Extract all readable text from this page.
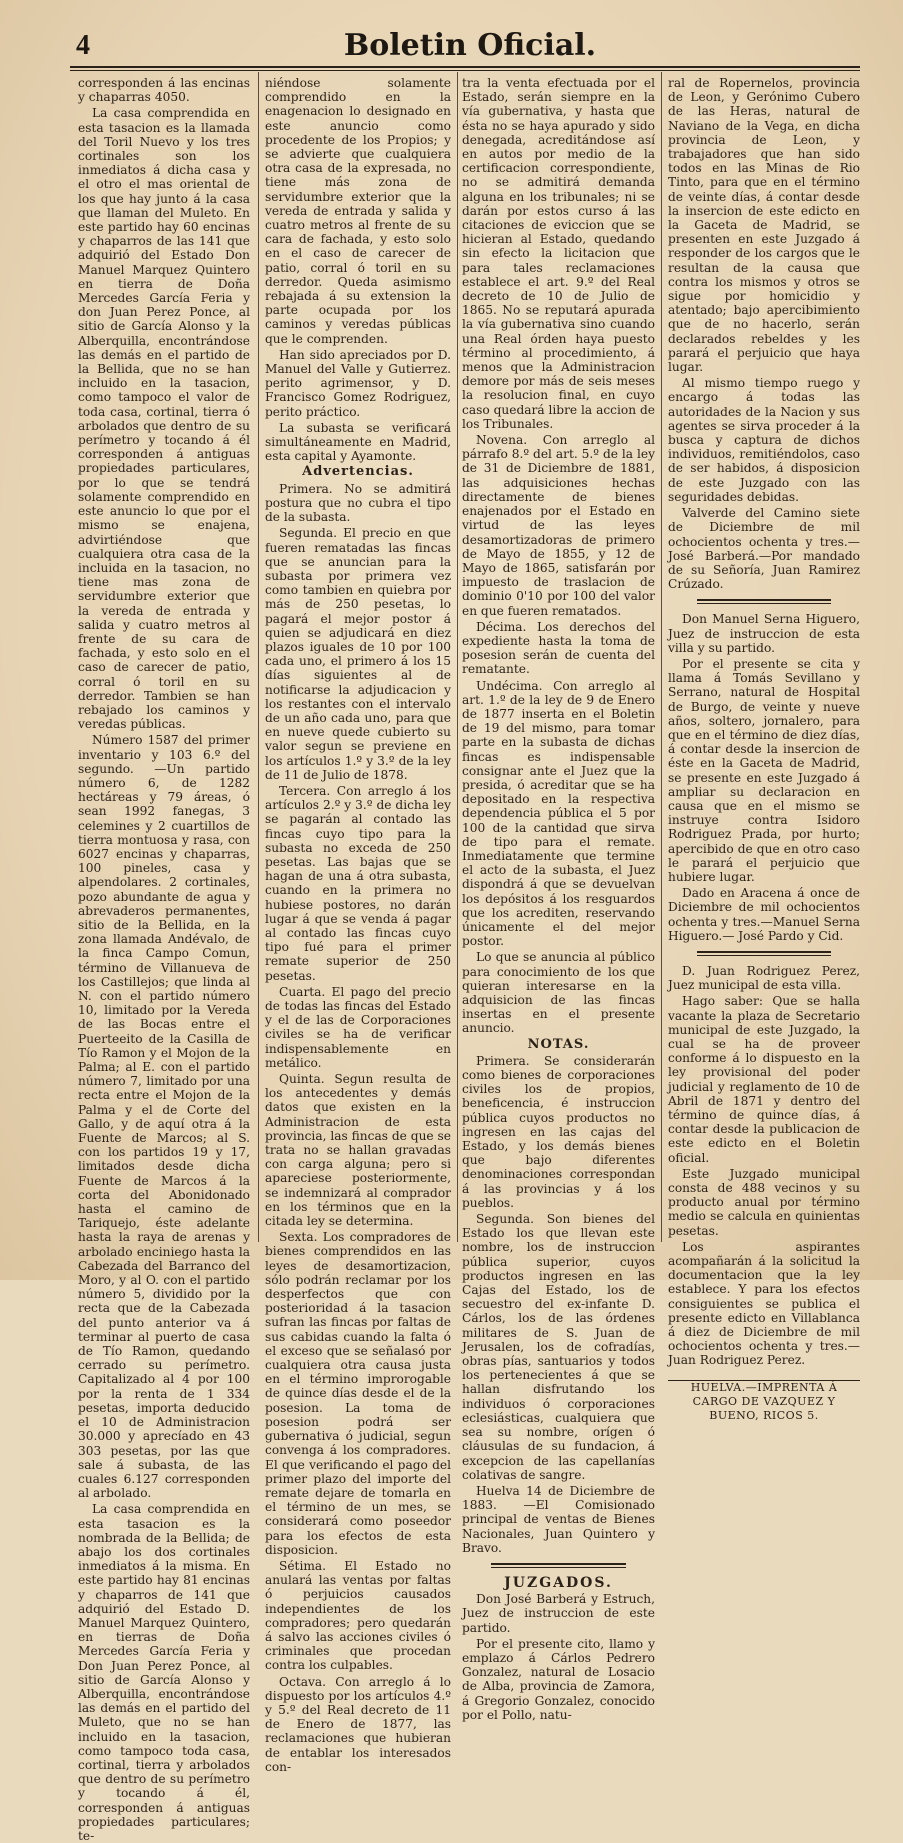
4	Boletin Oficial.

corresponden á las encinas y chaparras 4050.

La casa comprendida en esta tasacion es la llamada del Toril Nuevo y los tres cortinales son los inmediatos á dicha casa y el otro el mas oriental de los que hay junto á la casa que llaman del Muleto. En este partido hay 60 encinas y chaparros de las 141 que adquirió del Estado Don Manuel Marquez Quintero en tierra de Doña Mercedes García Feria y don Juan Perez Ponce, al sitio de García Alonso y la Alberquilla, encontrándose las demás en el partido de la Bellida, que no se han incluido en la tasacion, como tampoco el valor de toda casa, cortinal, tierra ó arbolados que dentro de su perímetro y tocando á él corresponden á antiguas propiedades particulares, por lo que se tendrá solamente comprendido en este anuncio lo que por el mismo se enajena, advirtiéndose que cualquiera otra casa de la incluida en la tasacion, no tiene mas zona de servidumbre exterior que la vereda de entrada y salida y cuatro metros al frente de su cara de fachada, y esto solo en el caso de carecer de patio, corral ó toril en su derredor. Tambien se han rebajado los caminos y veredas públicas.

Número 1587 del primer inventario y 103 6.º del segundo. —Un partido número 6, de 1282 hectáreas y 79 áreas, ó sean 1992 fanegas, 3 celemines y 2 cuartillos de tierra montuosa y rasa, con 6027 encinas y chaparras, 100 pineles, casa y alpendolares. 2 cortinales, pozo abundante de agua y abrevaderos permanentes, sitio de la Bellida, en la zona llamada Andévalo, de la finca Campo Comun, término de Villanueva de los Castillejos; que linda al N. con el partido número 10, limitado por la Vereda de las Bocas entre el Puerteeito de la Casilla de Tío Ramon y el Mojon de la Palma; al E. con el partido número 7, limitado por una recta entre el Mojon de la Palma y el de Corte del Gallo, y de aquí otra á la Fuente de Marcos; al S. con los partidos 19 y 17, limitados desde dicha Fuente de Marcos á la corta del Abonidonado hasta el camino de Tariquejo, éste adelante hasta la raya de arenas y arbolado enciniego hasta la Cabezada del Barranco del Moro, y al O. con el partido número 5, dividido por la recta que de la Cabezada del punto anterior va á terminar al puerto de casa de Tío Ramon, quedando cerrado su perímetro. Capitalizado al 4 por 100 por la renta de 1 334 pesetas, importa deducido el 10 de Administracion 30.000 y aprecíado en 43 303 pesetas, por las que sale á subasta, de las cuales 6.127 corresponden al arbolado.

La casa comprendida en esta tasacion es la nombrada de la Bellida; de abajo los dos cortinales inmediatos á la misma. En este partido hay 81 encinas y chaparros de 141 que adquirió del Estado D. Manuel Marquez Quintero, en tierras de Doña Mercedes García Feria y Don Juan Perez Ponce, al sitio de García Alonso y Alberquilla, encontrándose las demás en el partido del Muleto, que no se han incluido en la tasacion, como tampoco toda casa, cortinal, tierra y arbolados que dentro de su perímetro y tocando á él, corresponden á antiguas propiedades particulares; te-

niéndose solamente comprendido en la enagenacion lo designado en este anuncio como procedente de los Propios; y se advierte que cualquiera otra casa de la expresada, no tiene más zona de servidumbre exterior que la vereda de entrada y salida y cuatro metros al frente de su cara de fachada, y esto solo en el caso de carecer de patio, corral ó toril en su derredor. Queda asimismo rebajada á su extension la parte ocupada por los caminos y veredas públicas que le comprenden.

Han sido apreciados por D. Manuel del Valle y Gutierrez. perito agrimensor, y D. Francisco Gomez Rodriguez, perito práctico.

La subasta se verificará simultáneamente en Madrid, esta capital y Ayamonte.

Advertencias.

Primera. No se admitirá postura que no cubra el tipo de la subasta.

Segunda. El precio en que fueren rematadas las fincas que se anuncian para la subasta por primera vez como tambien en quiebra por más de 250 pesetas, lo pagará el mejor postor á quien se adjudicará en diez plazos iguales de 10 por 100 cada uno, el primero á los 15 días siguientes al de notificarse la adjudicacion y los restantes con el intervalo de un año cada uno, para que en nueve quede cubierto su valor segun se previene en los artículos 1.º y 3.º de la ley de 11 de Julio de 1878.

Tercera. Con arreglo á los artículos 2.º y 3.º de dicha ley se pagarán al contado las fincas cuyo tipo para la subasta no exceda de 250 pesetas. Las bajas que se hagan de una á otra subasta, cuando en la primera no hubiese postores, no darán lugar á que se venda á pagar al contado las fincas cuyo tipo fué para el primer remate superior de 250 pesetas.

Cuarta. El pago del precio de todas las fincas del Estado y el de las de Corporaciones civiles se ha de verificar indispensablemente en metálico.

Quinta. Segun resulta de los antecedentes y demás datos que existen en la Administracion de esta provincia, las fincas de que se trata no se hallan gravadas con carga alguna; pero si apareciese posteriormente, se indemnizará al comprador en los términos que en la citada ley se determina.

Sexta. Los compradores de bienes comprendidos en las leyes de desamortizacion, sólo podrán reclamar por los desperfectos que con posterioridad á la tasacion sufran las fincas por faltas de sus cabidas cuando la falta ó el exceso que se señalasó por cualquiera otra causa justa en el término improrogable de quince días desde el de la posesion. La toma de posesion podrá ser gubernativa ó judicial, segun convenga á los compradores. El que verificando el pago del primer plazo del importe del remate dejare de tomarla en el término de un mes, se considerará como poseedor para los efectos de esta disposicion.

Sétima. El Estado no anulará las ventas por faltas ó perjuicios causados independientes de los compradores; pero quedarán á salvo las acciones civiles ó criminales que procedan contra los culpables.

Octava. Con arreglo á lo dispuesto por los artículos 4.º y 5.º del Real decreto de 11 de Enero de 1877, las reclamaciones que hubieran de entablar los interesados con-

tra la venta efectuada por el Estado, serán siempre en la vía gubernativa, y hasta que ésta no se haya apurado y sido denegada, acreditándose así en autos por medio de la certificacion correspondiente, no se admitirá demanda alguna en los tribunales; ni se darán por estos curso á las citaciones de eviccion que se hicieran al Estado, quedando sin efecto la licitacion que para tales reclamaciones establece el art. 9.º del Real decreto de 10 de Julio de 1865. No se reputará apurada la vía gubernativa sino cuando una Real órden haya puesto término al procedimiento, á menos que la Administracion demore por más de seis meses la resolucion final, en cuyo caso quedará libre la accion de los Tribunales.

Novena. Con arreglo al párrafo 8.º del art. 5.º de la ley de 31 de Diciembre de 1881, las adquisiciones hechas directamente de bienes enajenados por el Estado en virtud de las leyes desamortizadoras de primero de Mayo de 1855, y 12 de Mayo de 1865, satisfarán por impuesto de traslacion de dominio 0'10 por 100 del valor en que fueren rematados.

Décima. Los derechos del expediente hasta la toma de posesion serán de cuenta del rematante.

Undécima. Con arreglo al art. 1.º de la ley de 9 de Enero de 1877 inserta en el Boletin de 19 del mismo, para tomar parte en la subasta de dichas fincas es indispensable consignar ante el Juez que la presida, ó acreditar que se ha depositado en la respectiva dependencia pública el 5 por 100 de la cantidad que sirva de tipo para el remate. Inmediatamente que termine el acto de la subasta, el Juez dispondrá á que se devuelvan los depósitos á los resguardos que los acrediten, reservando únicamente el del mejor postor.

Lo que se anuncia al público para conocimiento de los que quieran interesarse en la adquisicion de las fincas insertas en el presente anuncio.

NOTAS.

Primera. Se considerarán como bienes de corporaciones civiles los de propios, beneficencia, é instruccion pública cuyos productos no ingresen en las cajas del Estado, y los demás bienes que bajo diferentes denominaciones correspondan á las provincias y á los pueblos.

Segunda. Son bienes del Estado los que llevan este nombre, los de instruccion pública superior, cuyos productos ingresen en las Cajas del Estado, los de secuestro del ex-infante D. Cárlos, los de las órdenes militares de S. Juan de Jerusalen, los de cofradías, obras pías, santuarios y todos los pertenecientes á que se hallan disfrutando los individuos ó corporaciones eclesiásticas, cualquiera que sea su nombre, orígen ó cláusulas de su fundacion, á excepcion de las capellanías colativas de sangre.

Huelva 14 de Diciembre de 1883. —El Comisionado principal de ventas de Bienes Nacionales, Juan Quintero y Bravo.

JUZGADOS.

Don José Barberá y Estruch, Juez de instruccion de este partido.

Por el presente cito, llamo y emplazo á Cárlos Pedrero Gonzalez, natural de Losacio de Alba, provincia de Zamora, á Gregorio Gonzalez, conocido por el Pollo, natu-

ral de Ropernelos, provincia de Leon, y Gerónimo Cubero de las Heras, natural de Naviano de la Vega, en dicha provincia de Leon, y trabajadores que han sido todos en las Minas de Rio Tinto, para que en el término de veinte días, á contar desde la insercion de este edicto en la Gaceta de Madrid, se presenten en este Juzgado á responder de los cargos que le resultan de la causa que contra los mismos y otros se sigue por homicidio y atentado; bajo apercibimiento que de no hacerlo, serán declarados rebeldes y les parará el perjuicio que haya lugar.

Al mismo tiempo ruego y encargo á todas las autoridades de la Nacion y sus agentes se sirva proceder á la busca y captura de dichos individuos, remitiéndolos, caso de ser habidos, á disposicion de este Juzgado con las seguridades debidas.

Valverde del Camino siete de Diciembre de mil ochocientos ochenta y tres.—José Barberá.—Por mandado de su Señoría, Juan Ramirez Crúzado.

Don Manuel Serna Higuero, Juez de instruccion de esta villa y su partido.

Por el presente se cita y llama á Tomás Sevillano y Serrano, natural de Hospital de Burgo, de veinte y nueve años, soltero, jornalero, para que en el término de diez días, á contar desde la insercion de éste en la Gaceta de Madrid, se presente en este Juzgado á ampliar su declaracion en causa que en el mismo se instruye contra Isidoro Rodriguez Prada, por hurto; apercibido de que en otro caso le parará el perjuicio que hubiere lugar.

Dado en Aracena á once de Diciembre de mil ochocientos ochenta y tres.—Manuel Serna Higuero.— José Pardo y Cid.

D. Juan Rodriguez Perez, Juez municipal de esta villa.

Hago saber: Que se halla vacante la plaza de Secretario municipal de este Juzgado, la cual se ha de proveer conforme á lo dispuesto en la ley provisional del poder judicial y reglamento de 10 de Abril de 1871 y dentro del término de quince días, á contar desde la publicacion de este edicto en el Boletin oficial.

Este Juzgado municipal consta de 488 vecinos y su producto anual por término medio se calcula en quinientas pesetas.

Los aspirantes acompañarán á la solicitud la documentacion que la ley establece. Y para los efectos consiguientes se publica el presente edicto en Villablanca á diez de Diciembre de mil ochocientos ochenta y tres.—Juan Rodriguez Perez.

HUELVA.—IMPRENTA Á CARGO DE VAZQUEZ Y BUENO, RICOS 5.
